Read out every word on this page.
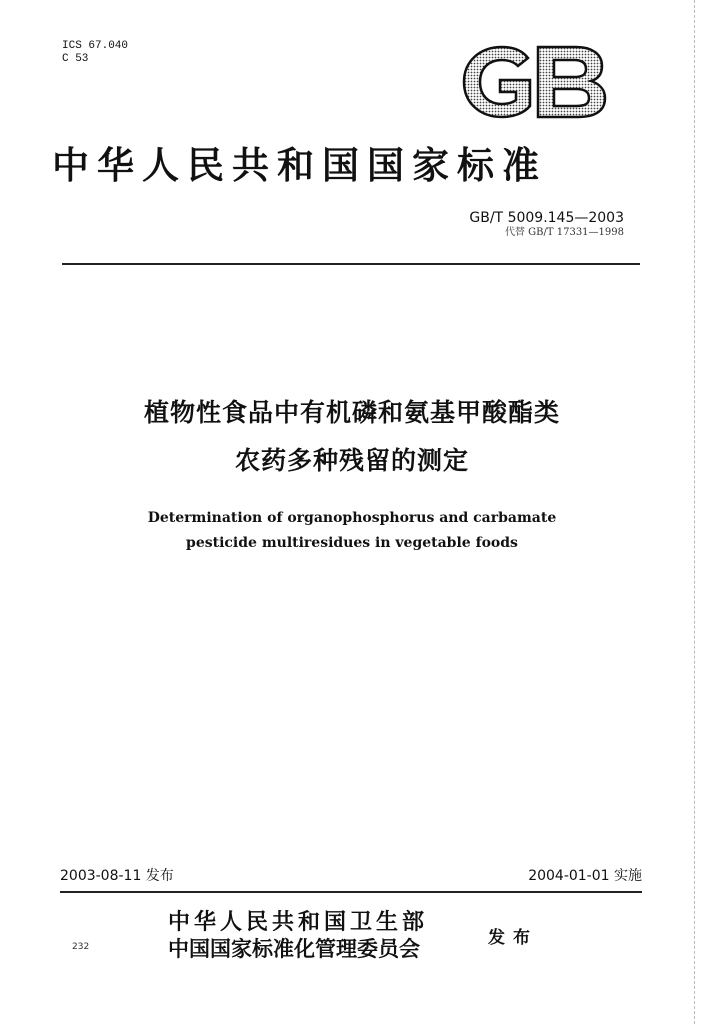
ICS 67.040
C 53
中华人民共和国国家标准
GB/T 5009.145—2003
代替 GB/T 17331—1998
植物性食品中有机磷和氨基甲酸酯类
农药多种残留的测定
Determination of organophosphorus and carbamate
pesticide multiresidues in vegetable foods
2003-08-11 发布	2004-01-01 实施
中华人民共和国卫生部
中国国家标准化管理委员会	发布
232
